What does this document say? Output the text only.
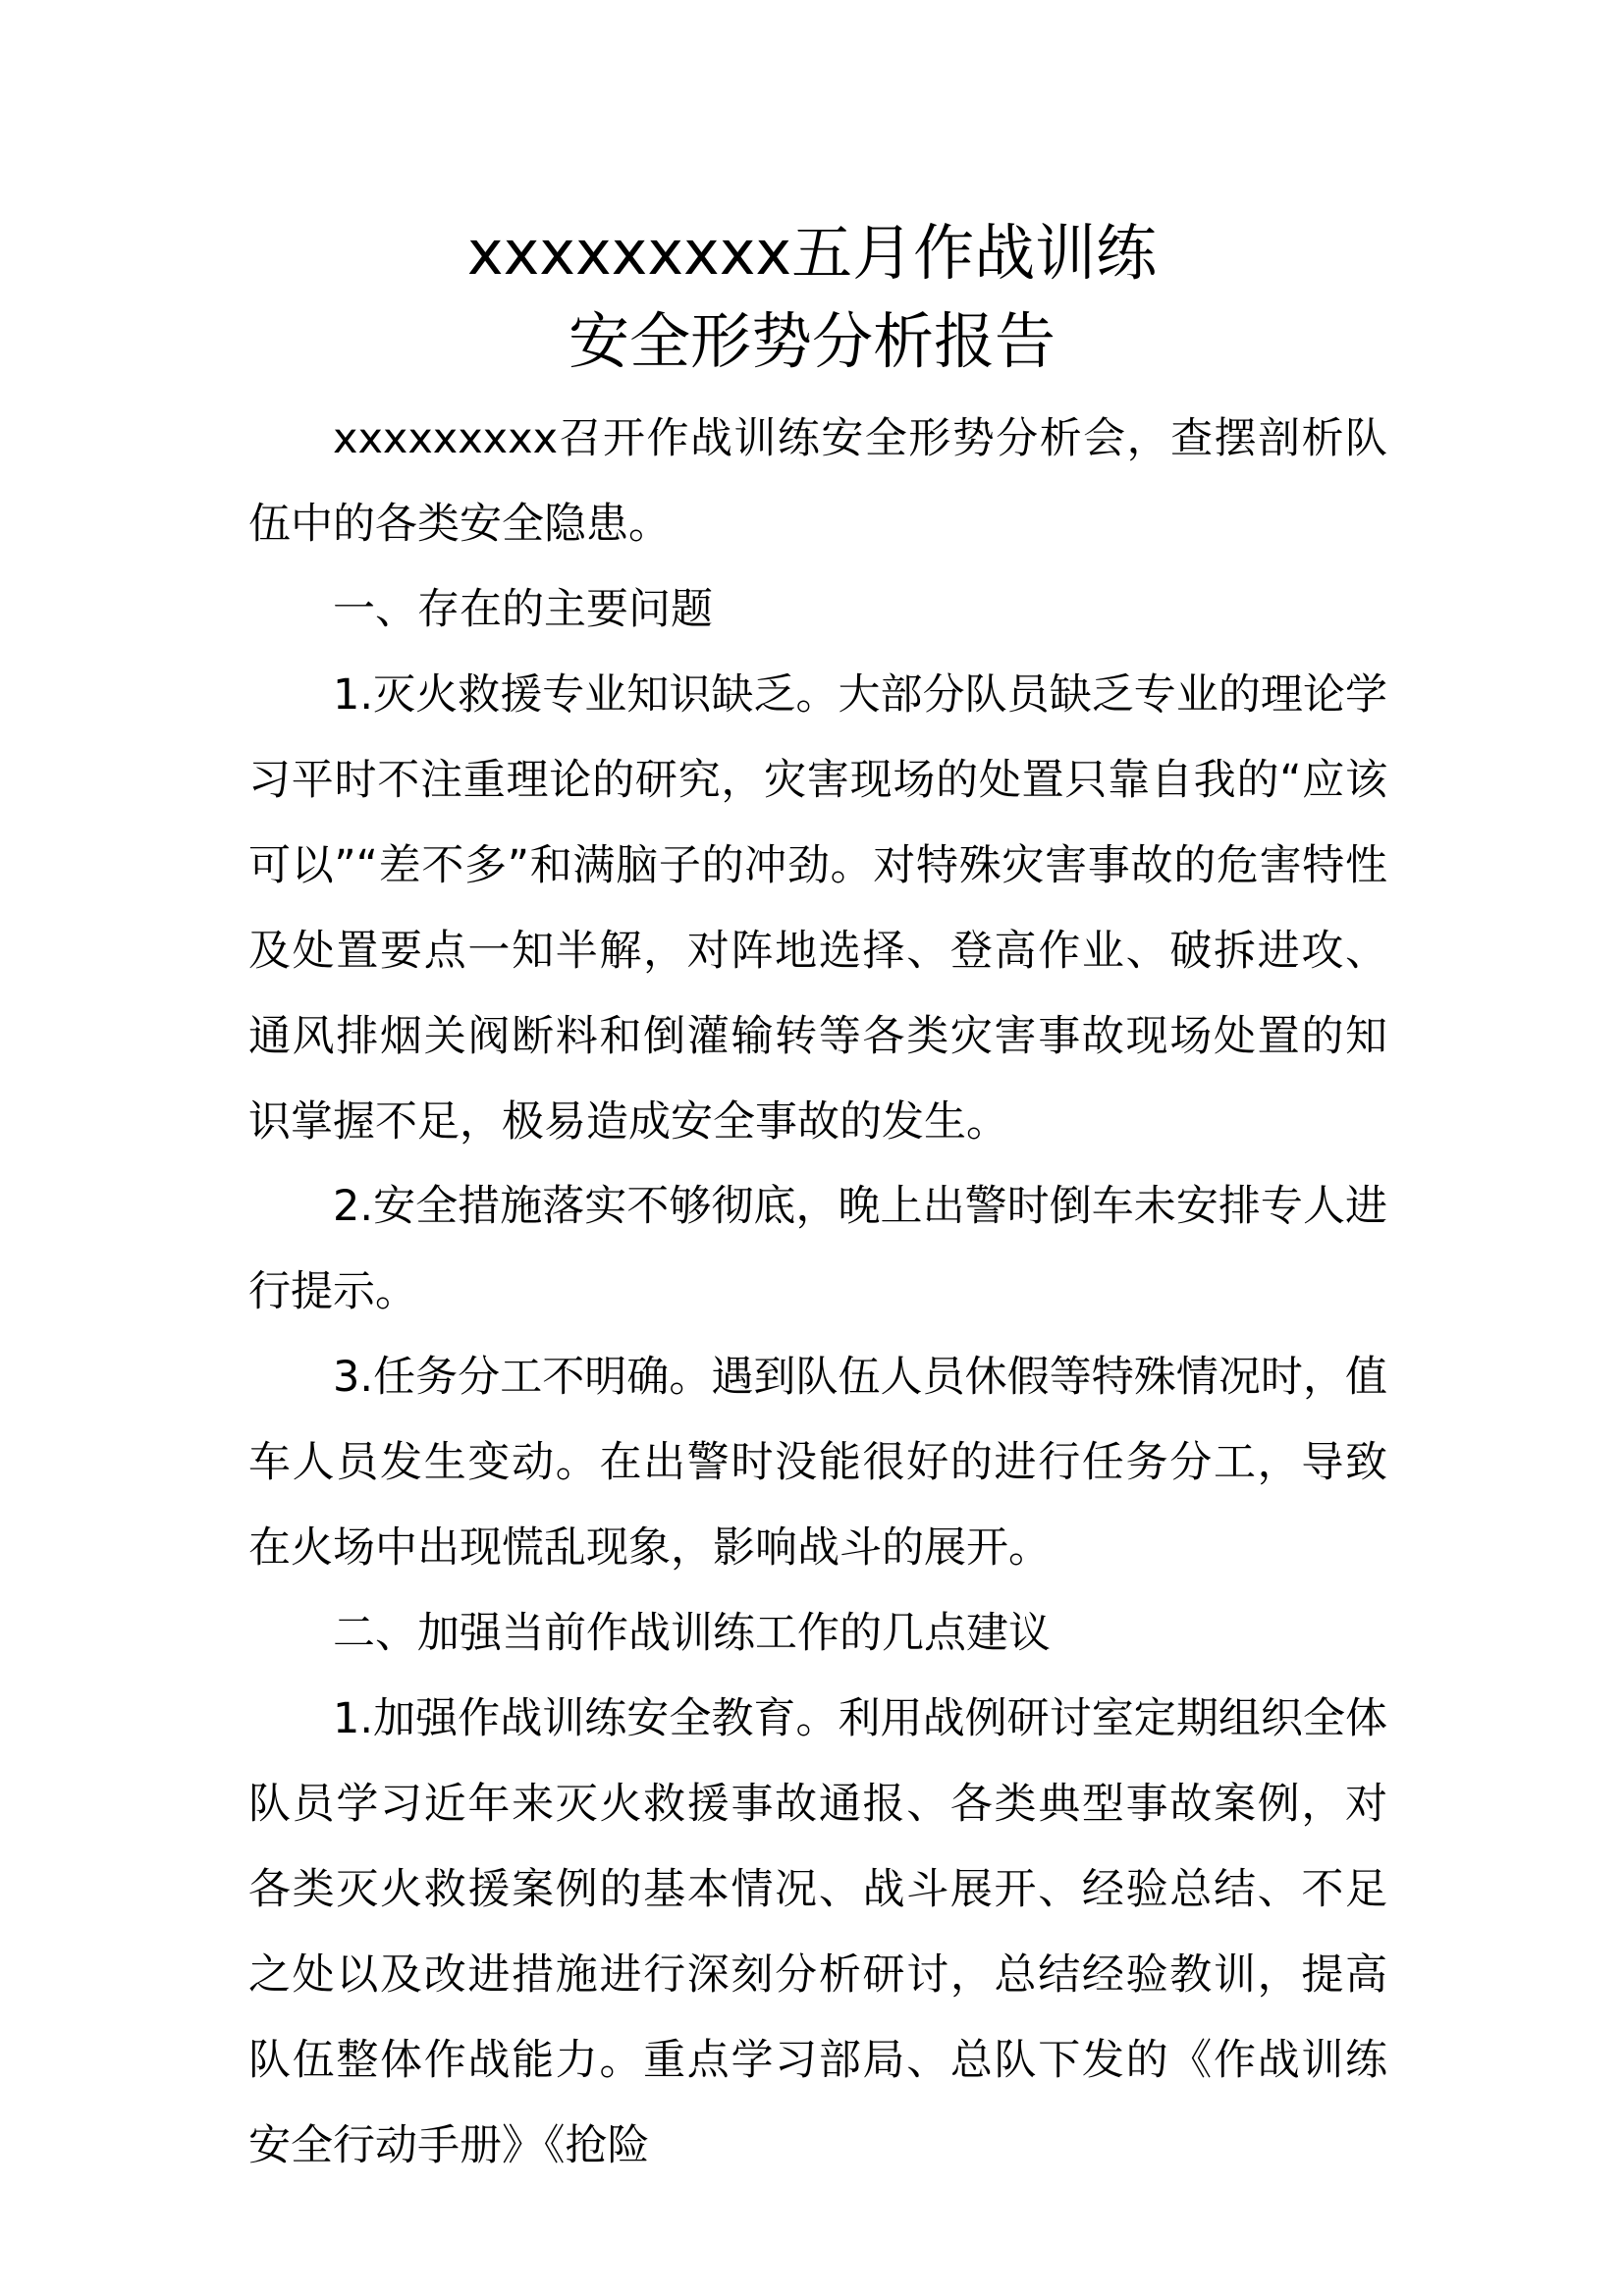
xxxxxxxxx五月作战训练
安全形势分析报告

xxxxxxxxx召开作战训练安全形势分析会，查摆剖析队伍中的各类安全隐患。

一、存在的主要问题

1.灭火救援专业知识缺乏。大部分队员缺乏专业的理论学习平时不注重理论的研究，灾害现场的处置只靠自我的“应该可以”“差不多”和满脑子的冲劲。对特殊灾害事故的危害特性及处置要点一知半解，对阵地选择、登高作业、破拆进攻、通风排烟关阀断料和倒灌输转等各类灾害事故现场处置的知识掌握不足，极易造成安全事故的发生。

2.安全措施落实不够彻底，晚上出警时倒车未安排专人进行提示。

3.任务分工不明确。遇到队伍人员休假等特殊情况时，值车人员发生变动。在出警时没能很好的进行任务分工，导致在火场中出现慌乱现象，影响战斗的展开。

二、加强当前作战训练工作的几点建议

1.加强作战训练安全教育。利用战例研讨室定期组织全体队员学习近年来灭火救援事故通报、各类典型事故案例，对各类灭火救援案例的基本情况、战斗展开、经验总结、不足之处以及改进措施进行深刻分析研讨，总结经验教训，提高队伍整体作战能力。重点学习部局、总队下发的《作战训练安全行动手册》《抢险
